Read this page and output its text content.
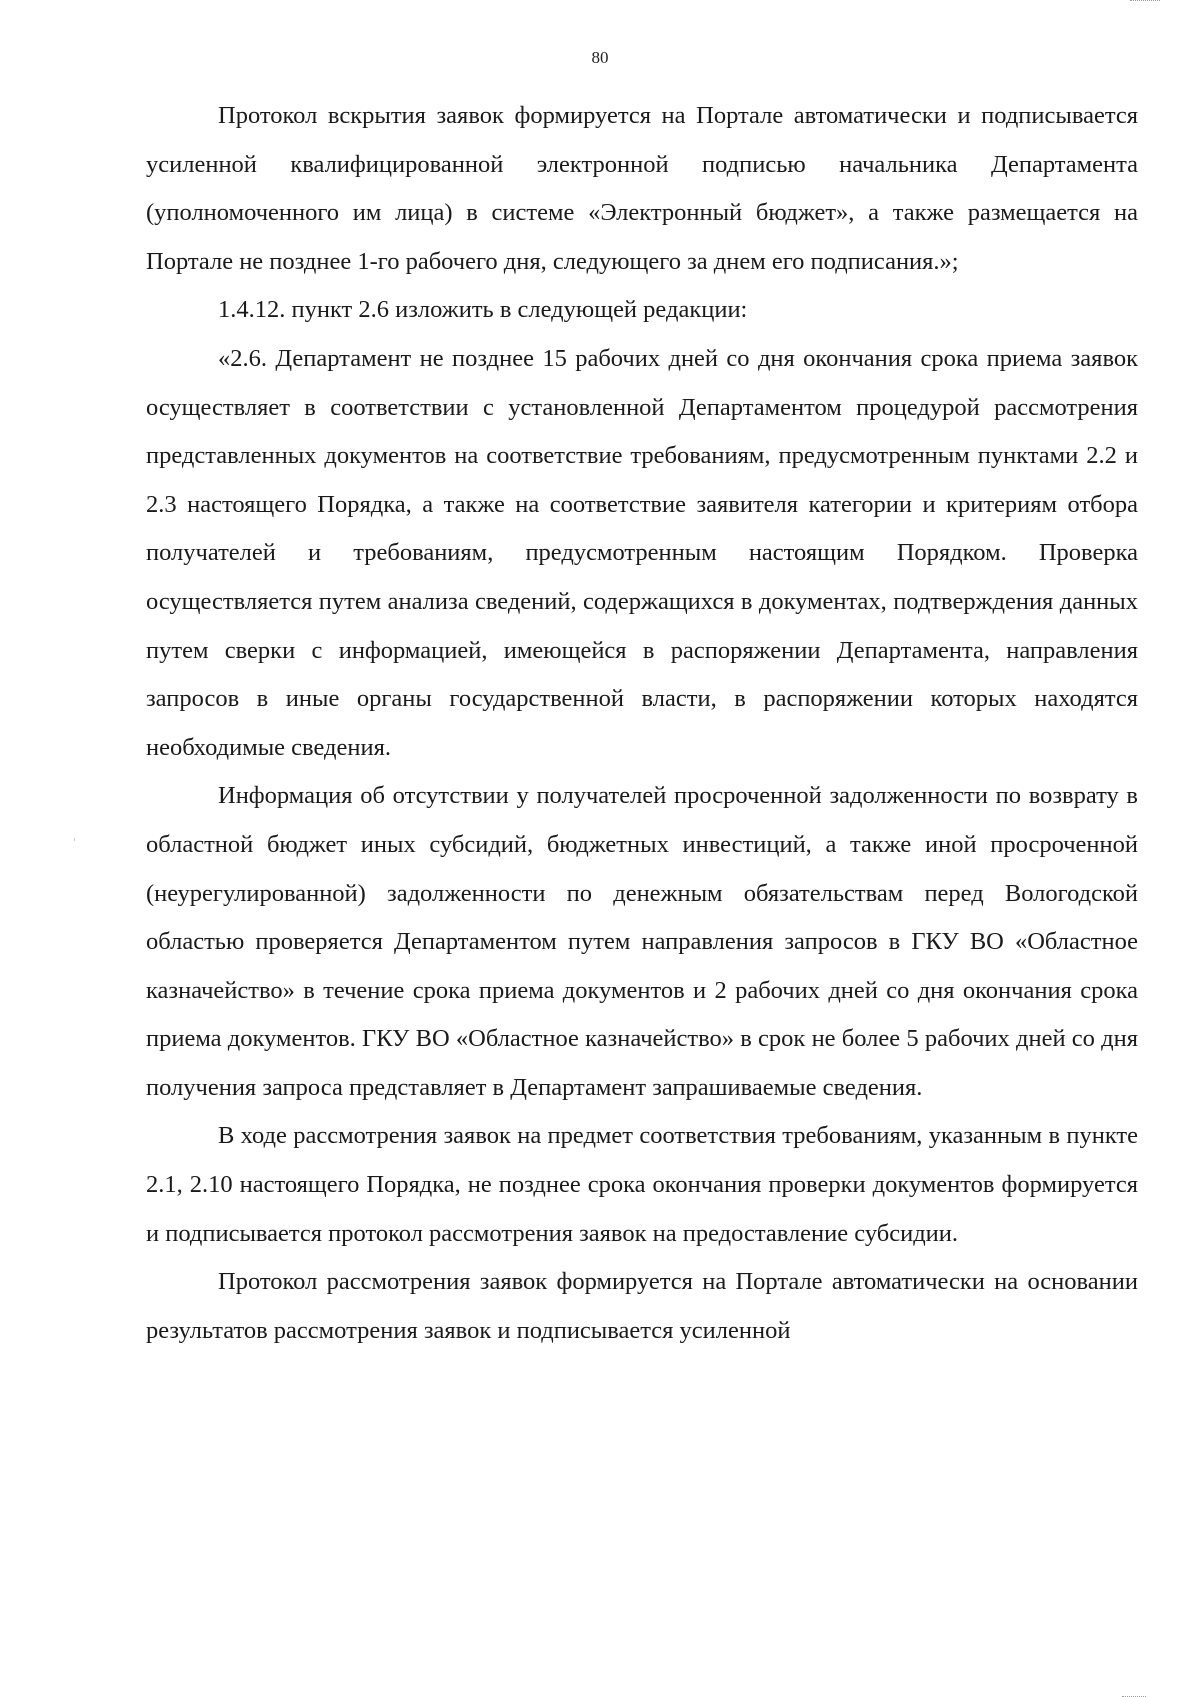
80

Протокол вскрытия заявок формируется на Портале автоматически и подписывается усиленной квалифицированной электронной подписью начальника Департамента (уполномоченного им лица) в системе «Электронный бюджет», а также размещается на Портале не позднее 1-го рабочего дня, следующего за днем его подписания.»;

1.4.12. пункт 2.6 изложить в следующей редакции:

«2.6. Департамент не позднее 15 рабочих дней со дня окончания срока приема заявок осуществляет в соответствии с установленной Департаментом процедурой рассмотрения представленных документов на соответствие требованиям, предусмотренным пунктами 2.2 и 2.3 настоящего Порядка, а также на соответствие заявителя категории и критериям отбора получателей и требованиям, предусмотренным настоящим Порядком. Проверка осуществляется путем анализа сведений, содержащихся в документах, подтверждения данных путем сверки с информацией, имеющейся в распоряжении Департамента, направления запросов в иные органы государственной власти, в распоряжении которых находятся необходимые сведения.

Информация об отсутствии у получателей просроченной задолженности по возврату в областной бюджет иных субсидий, бюджетных инвестиций, а также иной просроченной (неурегулированной) задолженности по денежным обязательствам перед Вологодской областью проверяется Департаментом путем направления запросов в ГКУ ВО «Областное казначейство» в течение срока приема документов и 2 рабочих дней со дня окончания срока приема документов. ГКУ ВО «Областное казначейство» в срок не более 5 рабочих дней со дня получения запроса представляет в Департамент запрашиваемые сведения.

В ходе рассмотрения заявок на предмет соответствия требованиям, указанным в пункте 2.1, 2.10 настоящего Порядка, не позднее срока окончания проверки документов формируется и подписывается протокол рассмотрения заявок на предоставление субсидии.

Протокол рассмотрения заявок формируется на Портале автоматически на основании результатов рассмотрения заявок и подписывается усиленной
